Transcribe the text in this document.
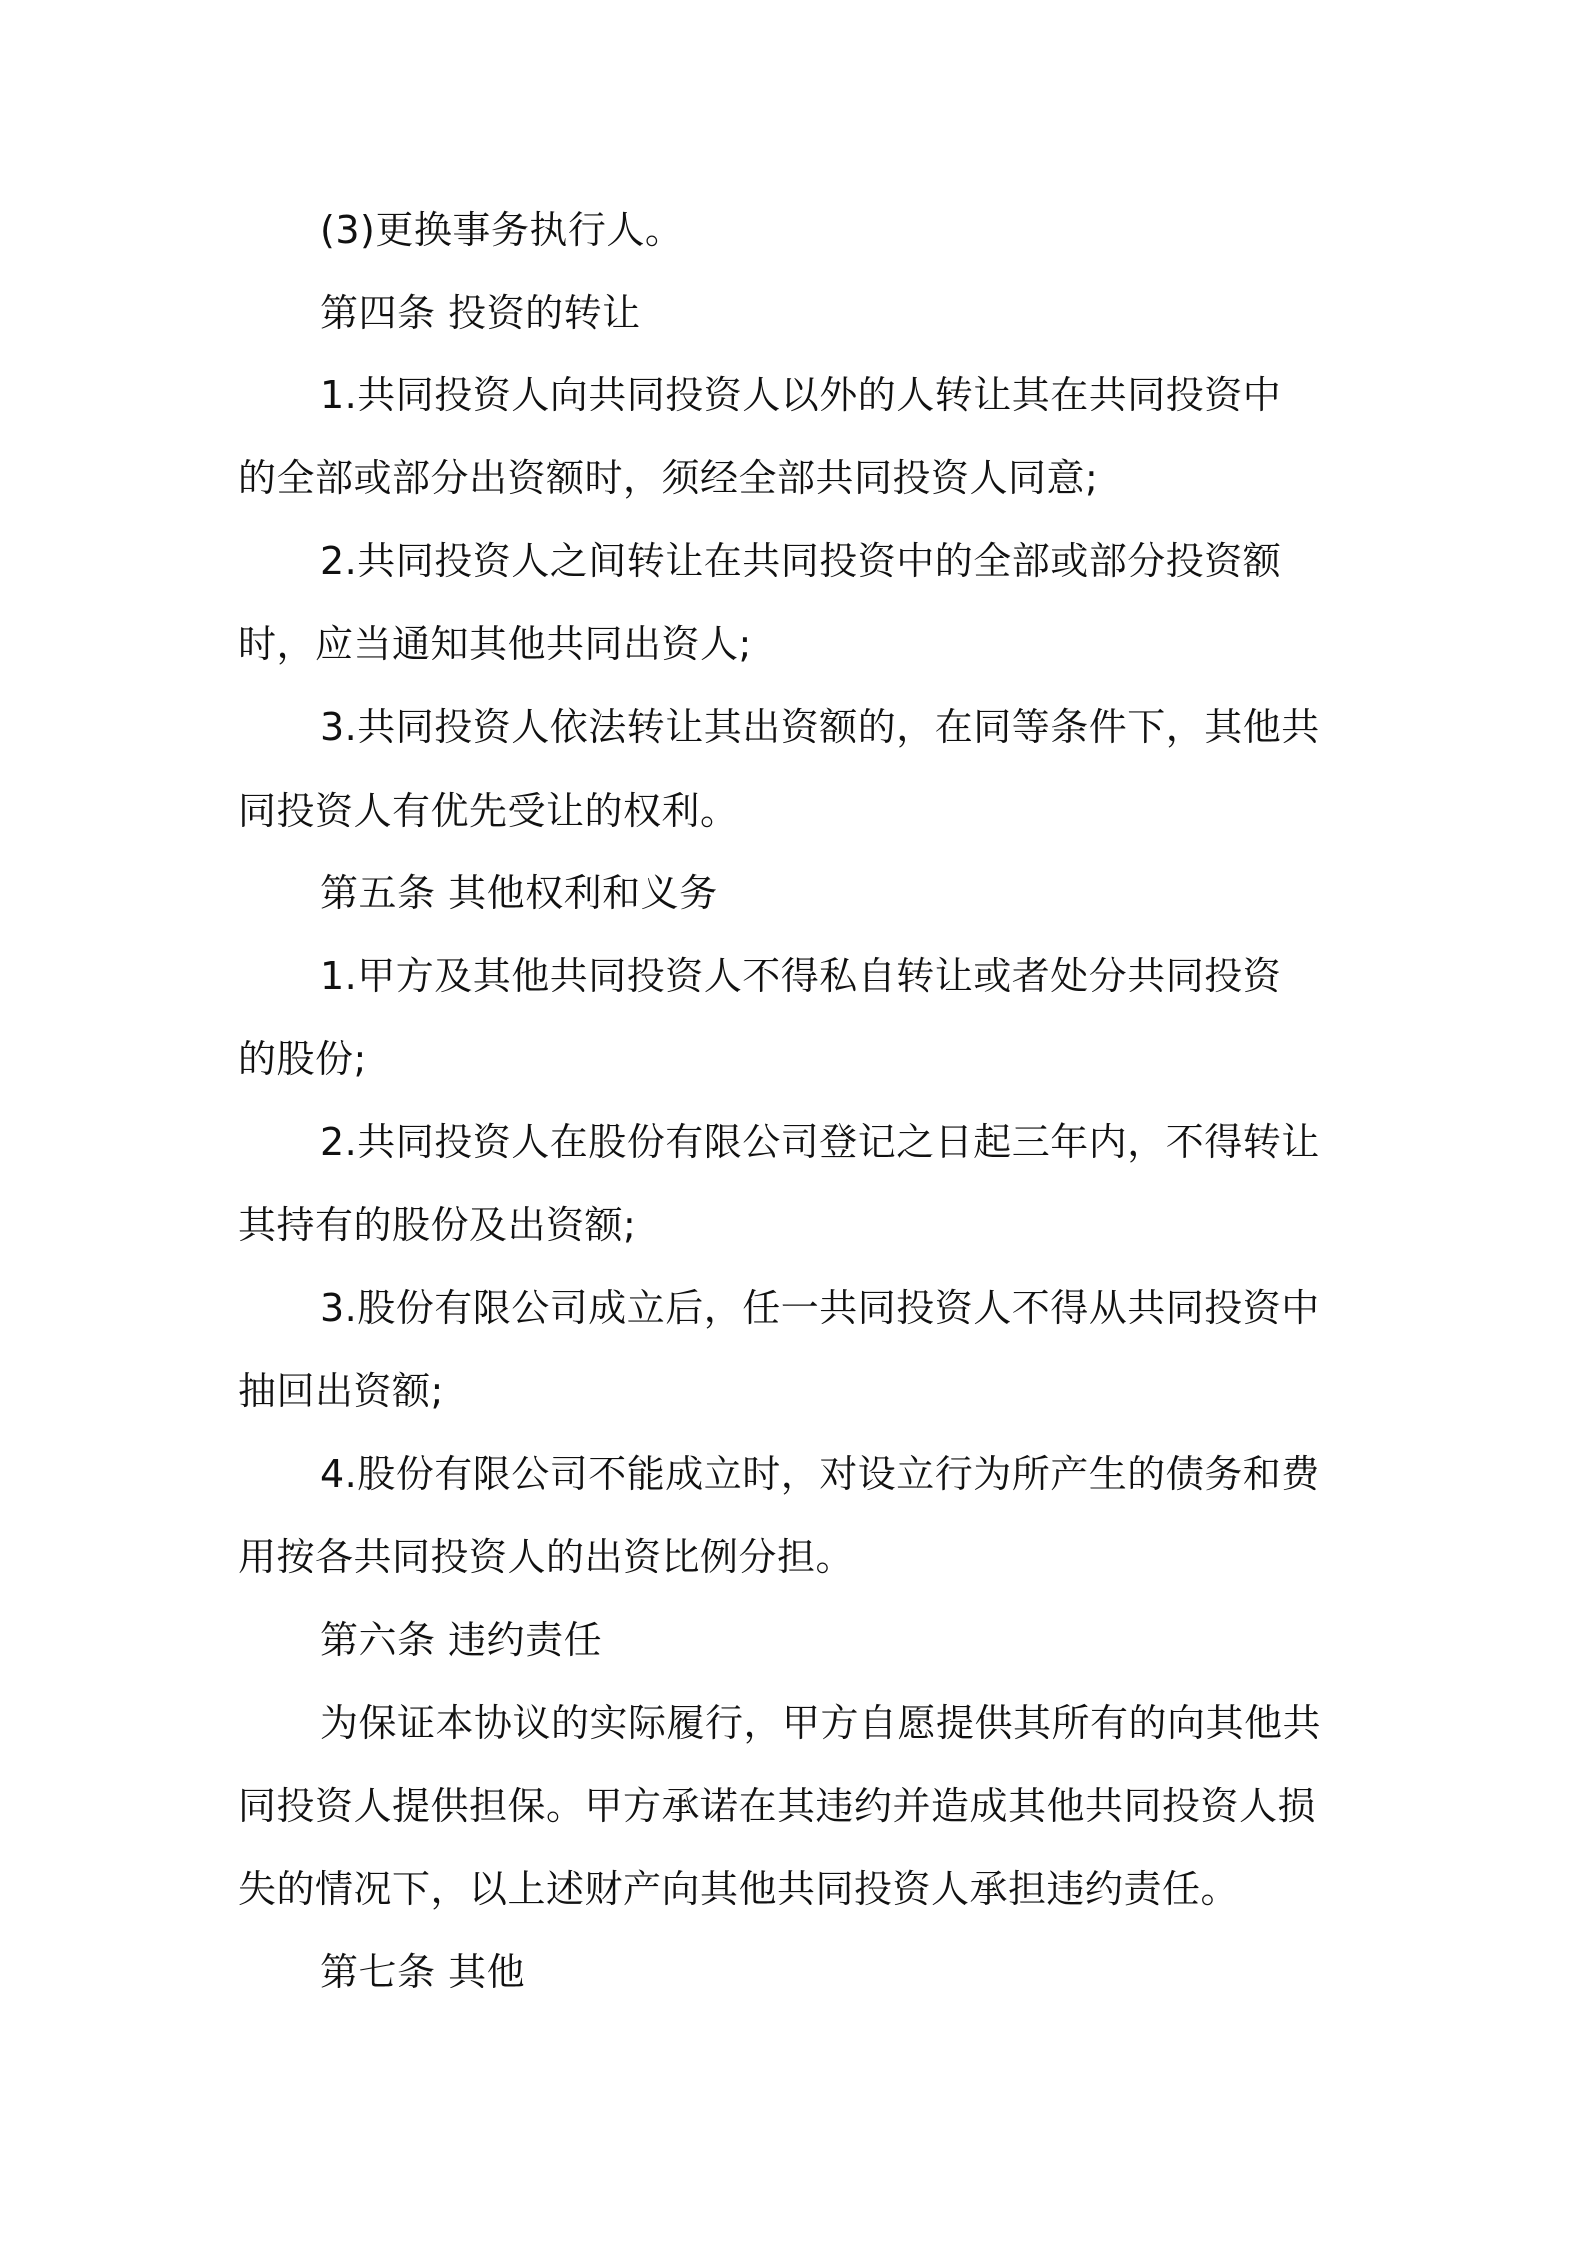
(3)更换事务执行人。
第四条 投资的转让
1.共同投资人向共同投资人以外的人转让其在共同投资中
的全部或部分出资额时，须经全部共同投资人同意;
2.共同投资人之间转让在共同投资中的全部或部分投资额
时，应当通知其他共同出资人;
3.共同投资人依法转让其出资额的，在同等条件下，其他共
同投资人有优先受让的权利。
第五条 其他权利和义务
1.甲方及其他共同投资人不得私自转让或者处分共同投资
的股份;
2.共同投资人在股份有限公司登记之日起三年内，不得转让
其持有的股份及出资额;
3.股份有限公司成立后，任一共同投资人不得从共同投资中
抽回出资额;
4.股份有限公司不能成立时，对设立行为所产生的债务和费
用按各共同投资人的出资比例分担。
第六条 违约责任
为保证本协议的实际履行，甲方自愿提供其所有的向其他共
同投资人提供担保。甲方承诺在其违约并造成其他共同投资人损
失的情况下，以上述财产向其他共同投资人承担违约责任。
第七条 其他
